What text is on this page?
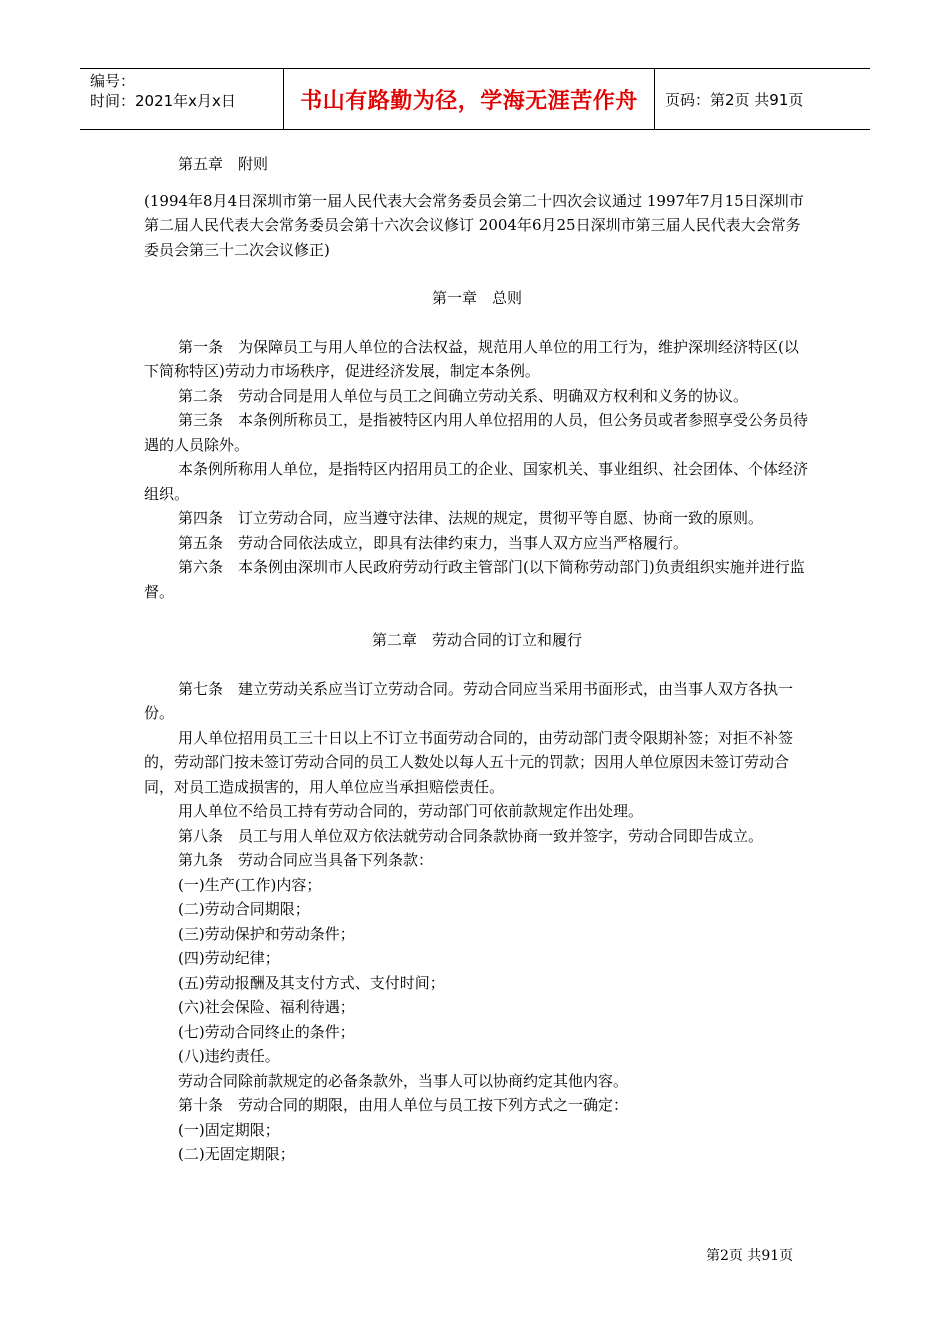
编号：
时间：2021年x月x日	书山有路勤为径，学海无涯苦作舟	页码：第2页 共91页

第五章　附则

(1994年8月4日深圳市第一届人民代表大会常务委员会第二十四次会议通过 1997年7月15日深圳市第二届人民代表大会常务委员会第十六次会议修订 2004年6月25日深圳市第三届人民代表大会常务委员会第三十二次会议修正)

第一章　总则

第一条　为保障员工与用人单位的合法权益，规范用人单位的用工行为，维护深圳经济特区(以下简称特区)劳动力市场秩序，促进经济发展，制定本条例。

第二条　劳动合同是用人单位与员工之间确立劳动关系、明确双方权利和义务的协议。

第三条　本条例所称员工，是指被特区内用人单位招用的人员，但公务员或者参照享受公务员待遇的人员除外。

本条例所称用人单位，是指特区内招用员工的企业、国家机关、事业组织、社会团体、个体经济组织。

第四条　订立劳动合同，应当遵守法律、法规的规定，贯彻平等自愿、协商一致的原则。

第五条　劳动合同依法成立，即具有法律约束力，当事人双方应当严格履行。

第六条　本条例由深圳市人民政府劳动行政主管部门(以下简称劳动部门)负责组织实施并进行监督。

第二章　劳动合同的订立和履行

第七条　建立劳动关系应当订立劳动合同。劳动合同应当采用书面形式，由当事人双方各执一份。

用人单位招用员工三十日以上不订立书面劳动合同的，由劳动部门责令限期补签；对拒不补签的，劳动部门按未签订劳动合同的员工人数处以每人五十元的罚款；因用人单位原因未签订劳动合同，对员工造成损害的，用人单位应当承担赔偿责任。

用人单位不给员工持有劳动合同的，劳动部门可依前款规定作出处理。

第八条　员工与用人单位双方依法就劳动合同条款协商一致并签字，劳动合同即告成立。

第九条　劳动合同应当具备下列条款：

(一)生产(工作)内容；

(二)劳动合同期限；

(三)劳动保护和劳动条件；

(四)劳动纪律；

(五)劳动报酬及其支付方式、支付时间；

(六)社会保险、福利待遇；

(七)劳动合同终止的条件；

(八)违约责任。

劳动合同除前款规定的必备条款外，当事人可以协商约定其他内容。

第十条　劳动合同的期限，由用人单位与员工按下列方式之一确定：

(一)固定期限；

(二)无固定期限；

第2页 共91页
